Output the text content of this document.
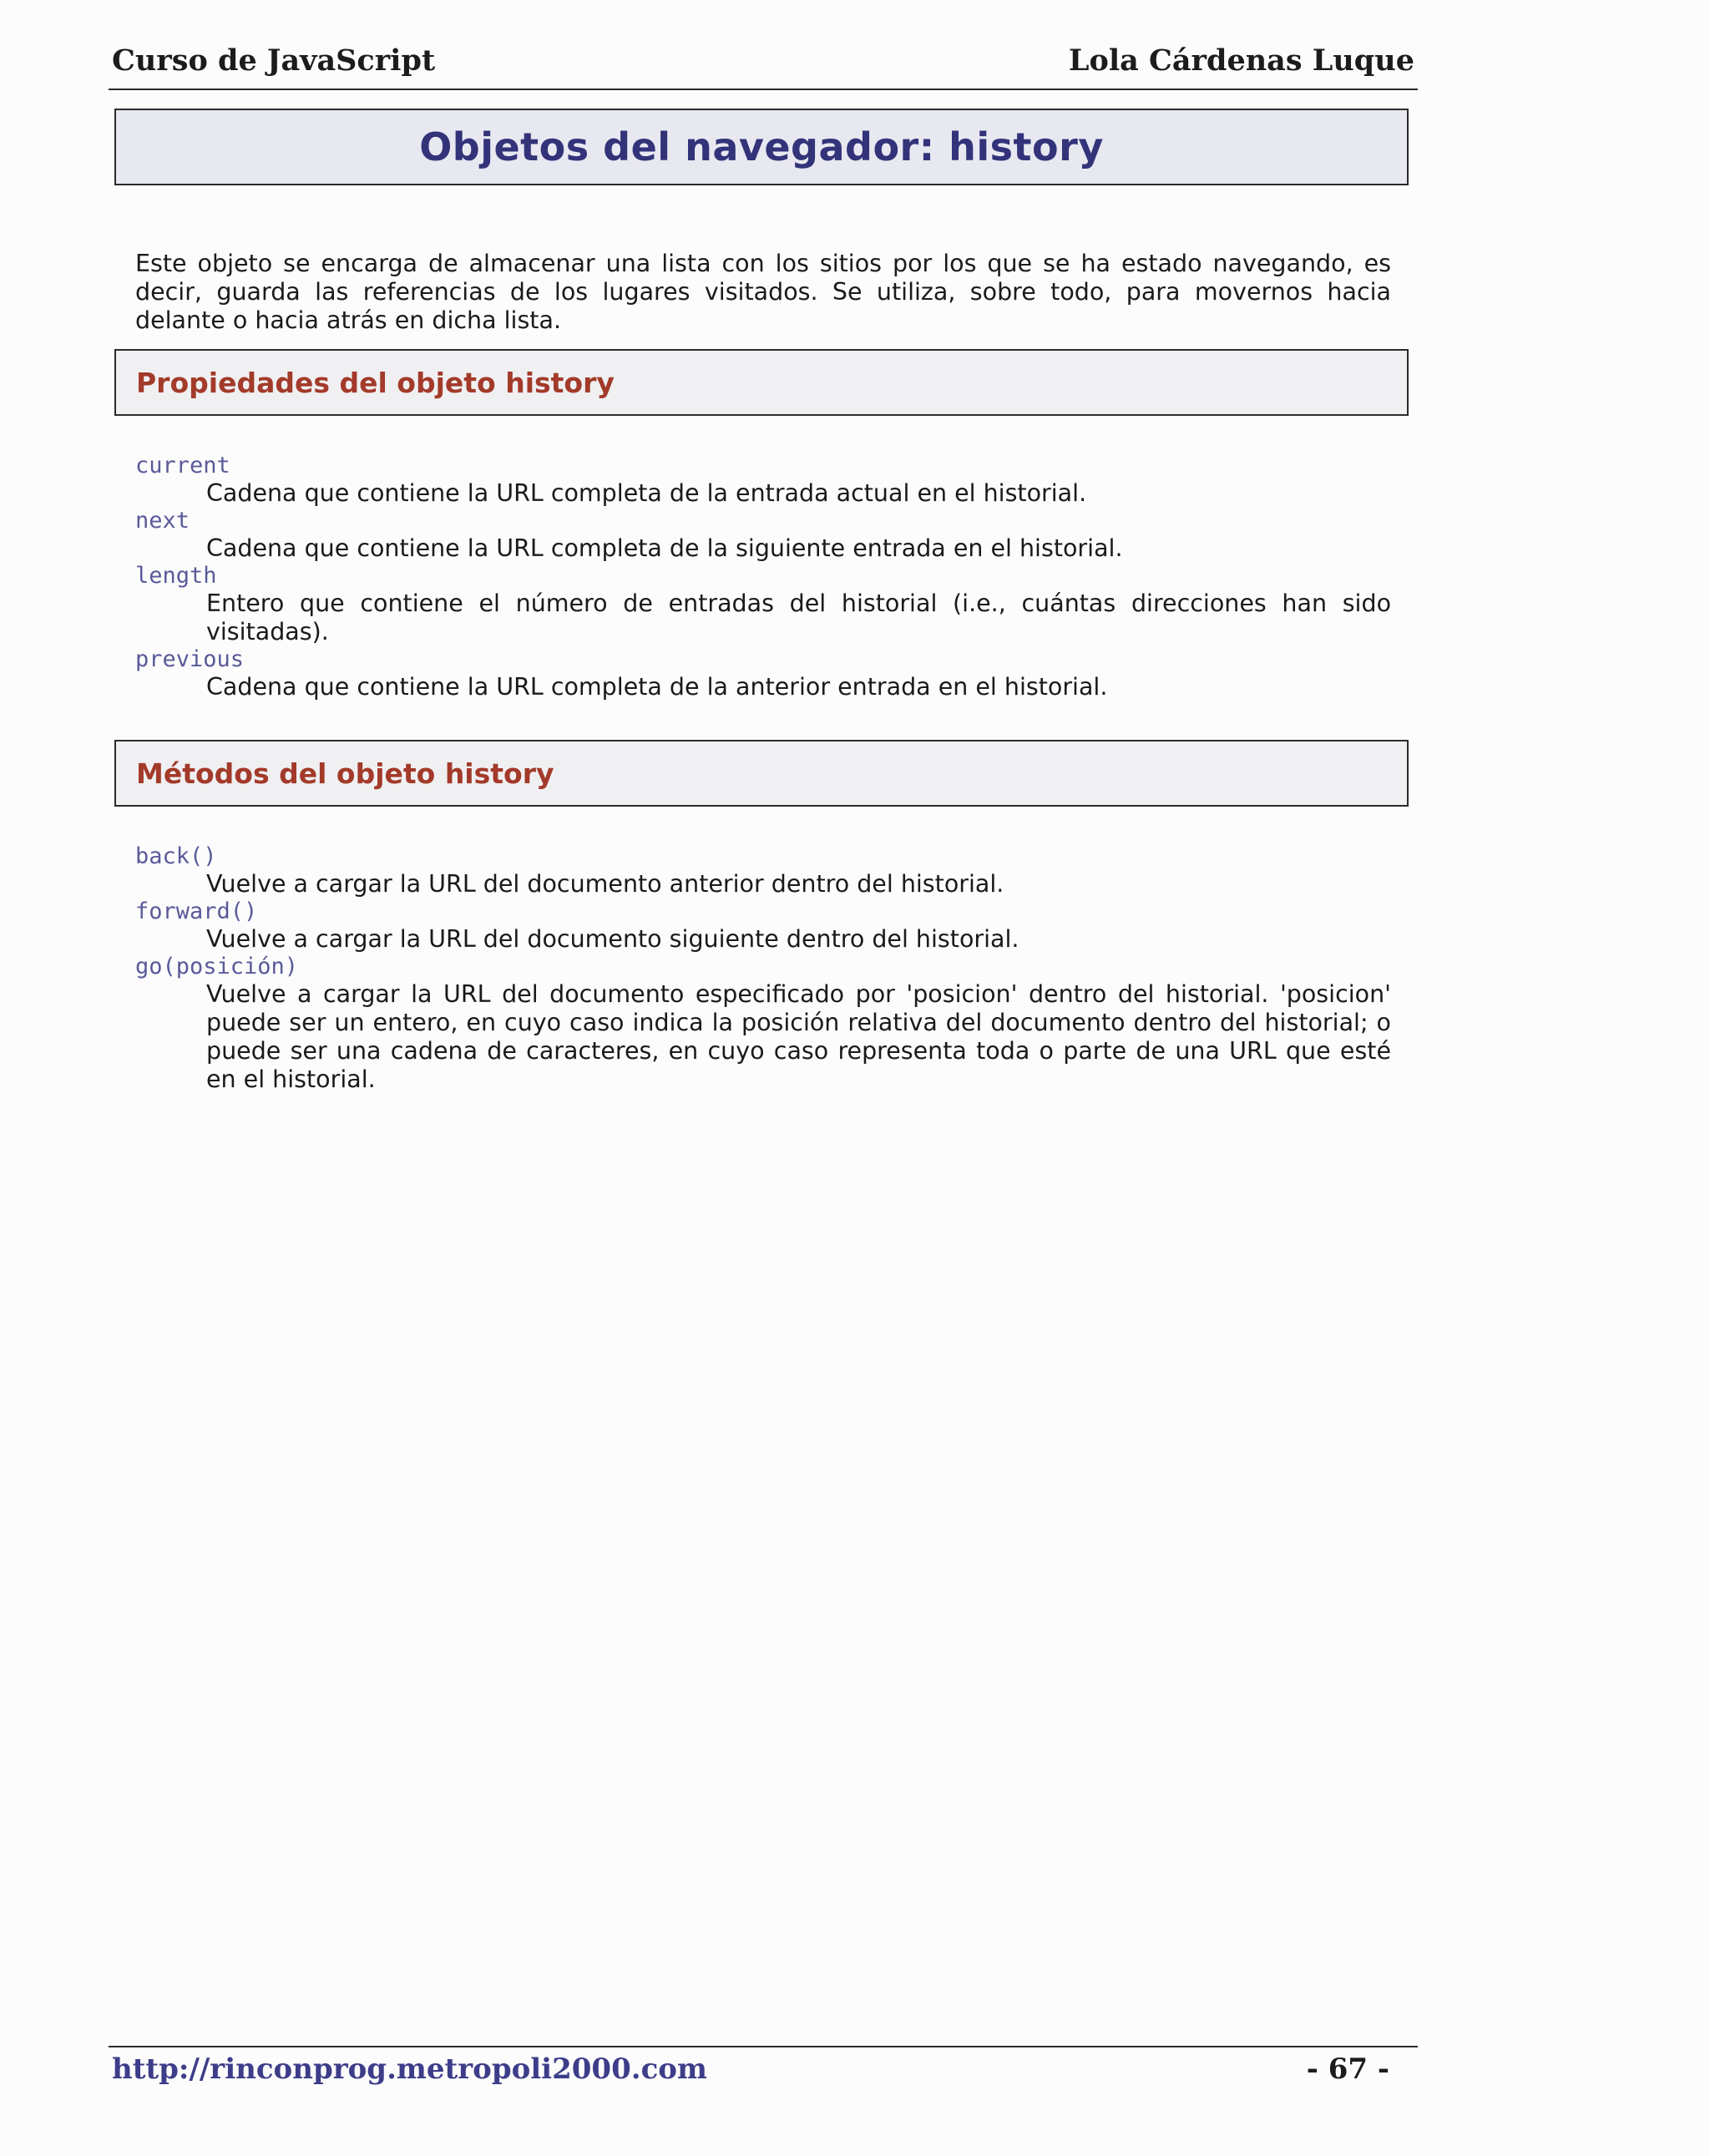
Curso de JavaScript	Lola Cárdenas Luque
Objetos del navegador: history

Este objeto se encarga de almacenar una lista con los sitios por los que se ha estado navegando, es decir, guarda las referencias de los lugares visitados. Se utiliza, sobre todo, para movernos hacia delante o hacia atrás en dicha lista.

Propiedades del objeto history
current
Cadena que contiene la URL completa de la entrada actual en el historial.
next
Cadena que contiene la URL completa de la siguiente entrada en el historial.
length
Entero que contiene el número de entradas del historial (i.e., cuántas direcciones han sido visitadas).
previous
Cadena que contiene la URL completa de la anterior entrada en el historial.
Métodos del objeto history
back()
Vuelve a cargar la URL del documento anterior dentro del historial.
forward()
Vuelve a cargar la URL del documento siguiente dentro del historial.
go(posición)
Vuelve a cargar la URL del documento especificado por 'posicion' dentro del historial. 'posicion' puede ser un entero, en cuyo caso indica la posición relativa del documento dentro del historial; o puede ser una cadena de caracteres, en cuyo caso representa toda o parte de una URL que esté en el historial.
http://rinconprog.metropoli2000.com	- 67 -
